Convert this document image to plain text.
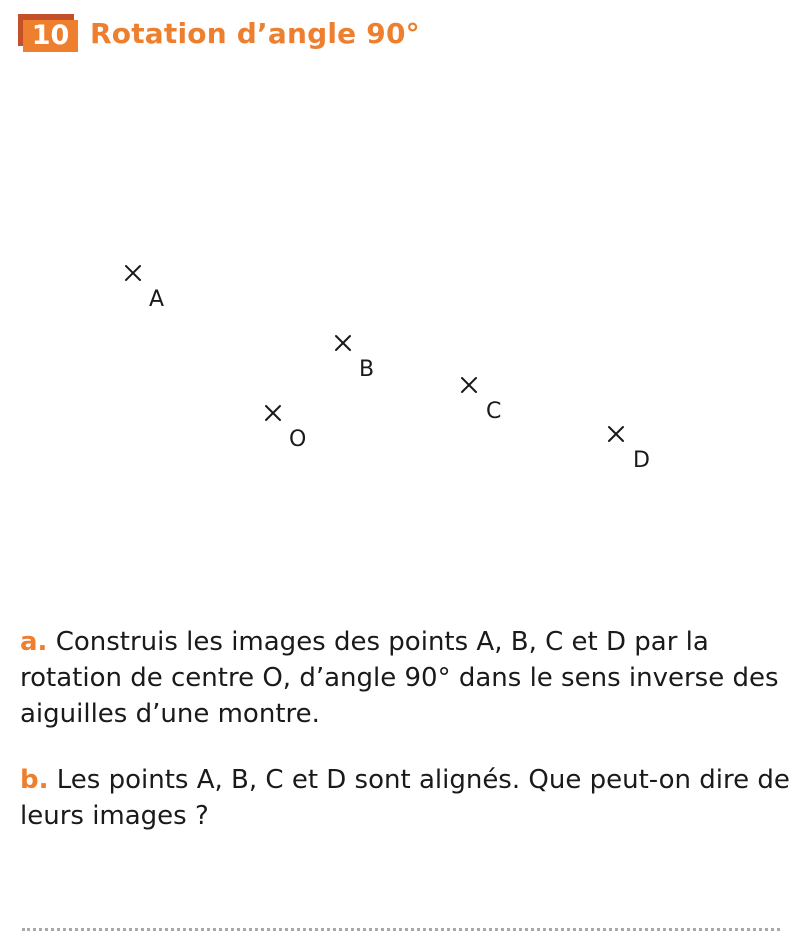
10 Rotation d’angle 90°
A
B
C
D
O

a. Construis les images des points A, B, C et D par la rotation de centre O, d’angle 90° dans le sens inverse des aiguilles d’une montre.

b. Les points A, B, C et D sont alignés. Que peut-on dire de leurs images ?
